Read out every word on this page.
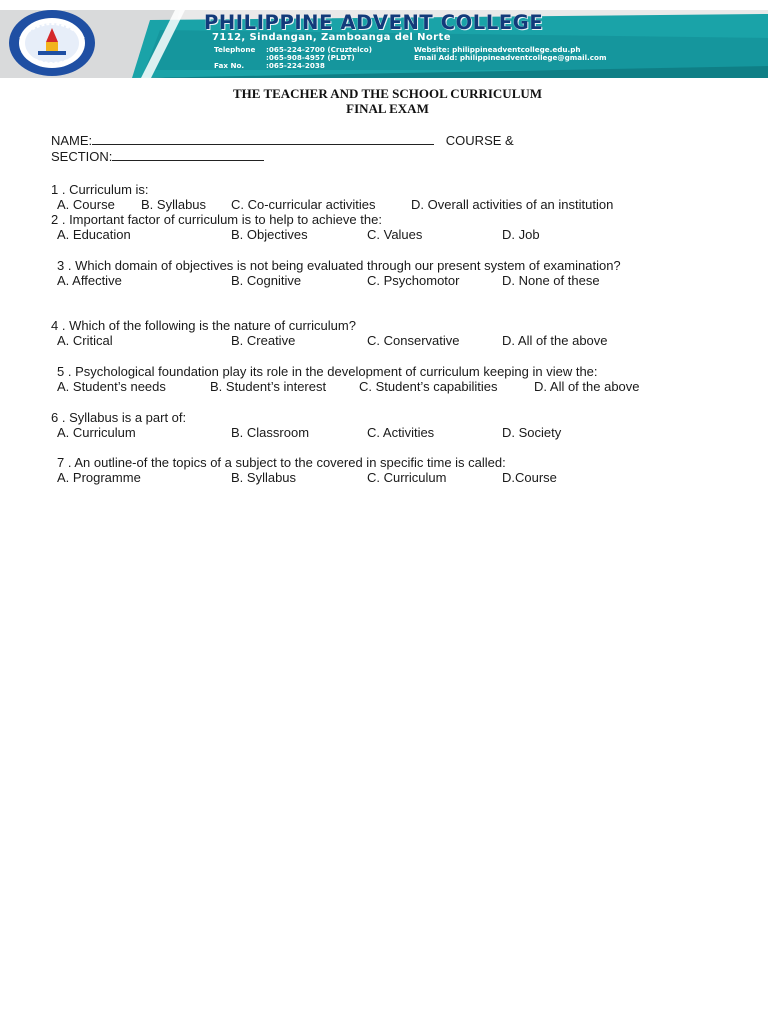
PHILIPPINE ADVENT COLLEGE
7112, Sindangan, Zamboanga del Norte
Telephone :065-224-2700 (Cruztelco)
:065-908-4957 (PLDT)
Fax No.	:065-224-2038
Website: philippineadventcollege.edu.ph
Email Add: philippineadventcollege@gmail.com
THE TEACHER AND THE SCHOOL CURRICULUM
FINAL EXAM
NAME:	COURSE &
SECTION:
1 . Curriculum is:
A. Course B. Syllabus C. Co-curricular activities	D. Overall activities of an institution
2 . Important factor of curriculum is to help to achieve the:
A. Education	B. Objectives	C. Values	D. Job
3 . Which domain of objectives is not being evaluated through our present system of examination?
A. Affective	B. Cognitive	C. Psychomotor	D. None of these
4 . Which of the following is the nature of curriculum?
A. Critical	B. Creative	C. Conservative	D. All of the above
5 . Psychological foundation play its role in the development of curriculum keeping in view the:
A. Student’s needs	B. Student’s interest	C. Student’s capabilities	D. All of the above
6 . Syllabus is a part of:
A. Curriculum	B. Classroom	C. Activities	D. Society
7 . An outline-of the topics of a subject to the covered in specific time is called:
A. Programme	B. Syllabus	C. Curriculum	D.Course
